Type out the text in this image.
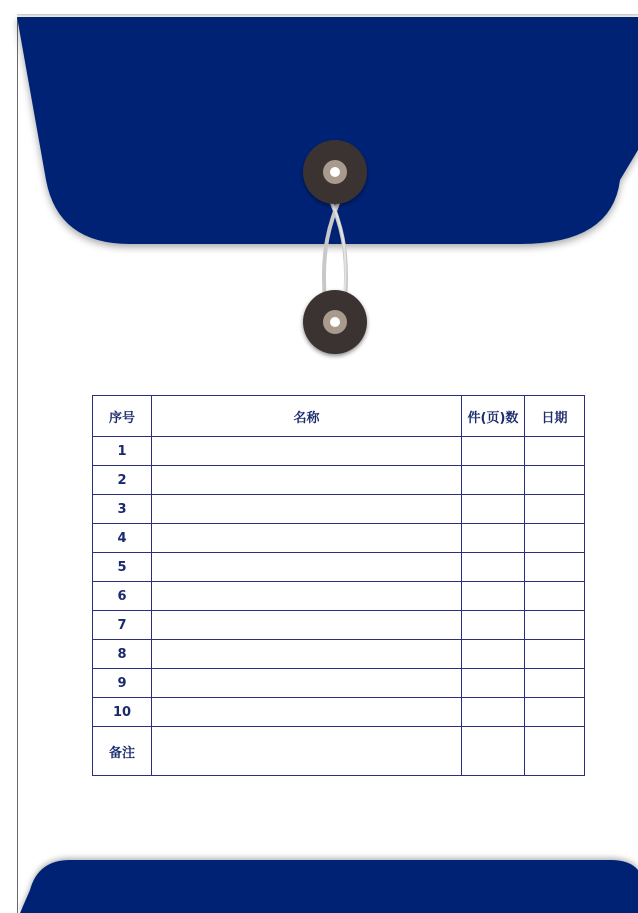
序号	名称	件(页)数	日期
1			
2			
3			
4			
5			
6			
7			
8			
9			
10			
备注			
